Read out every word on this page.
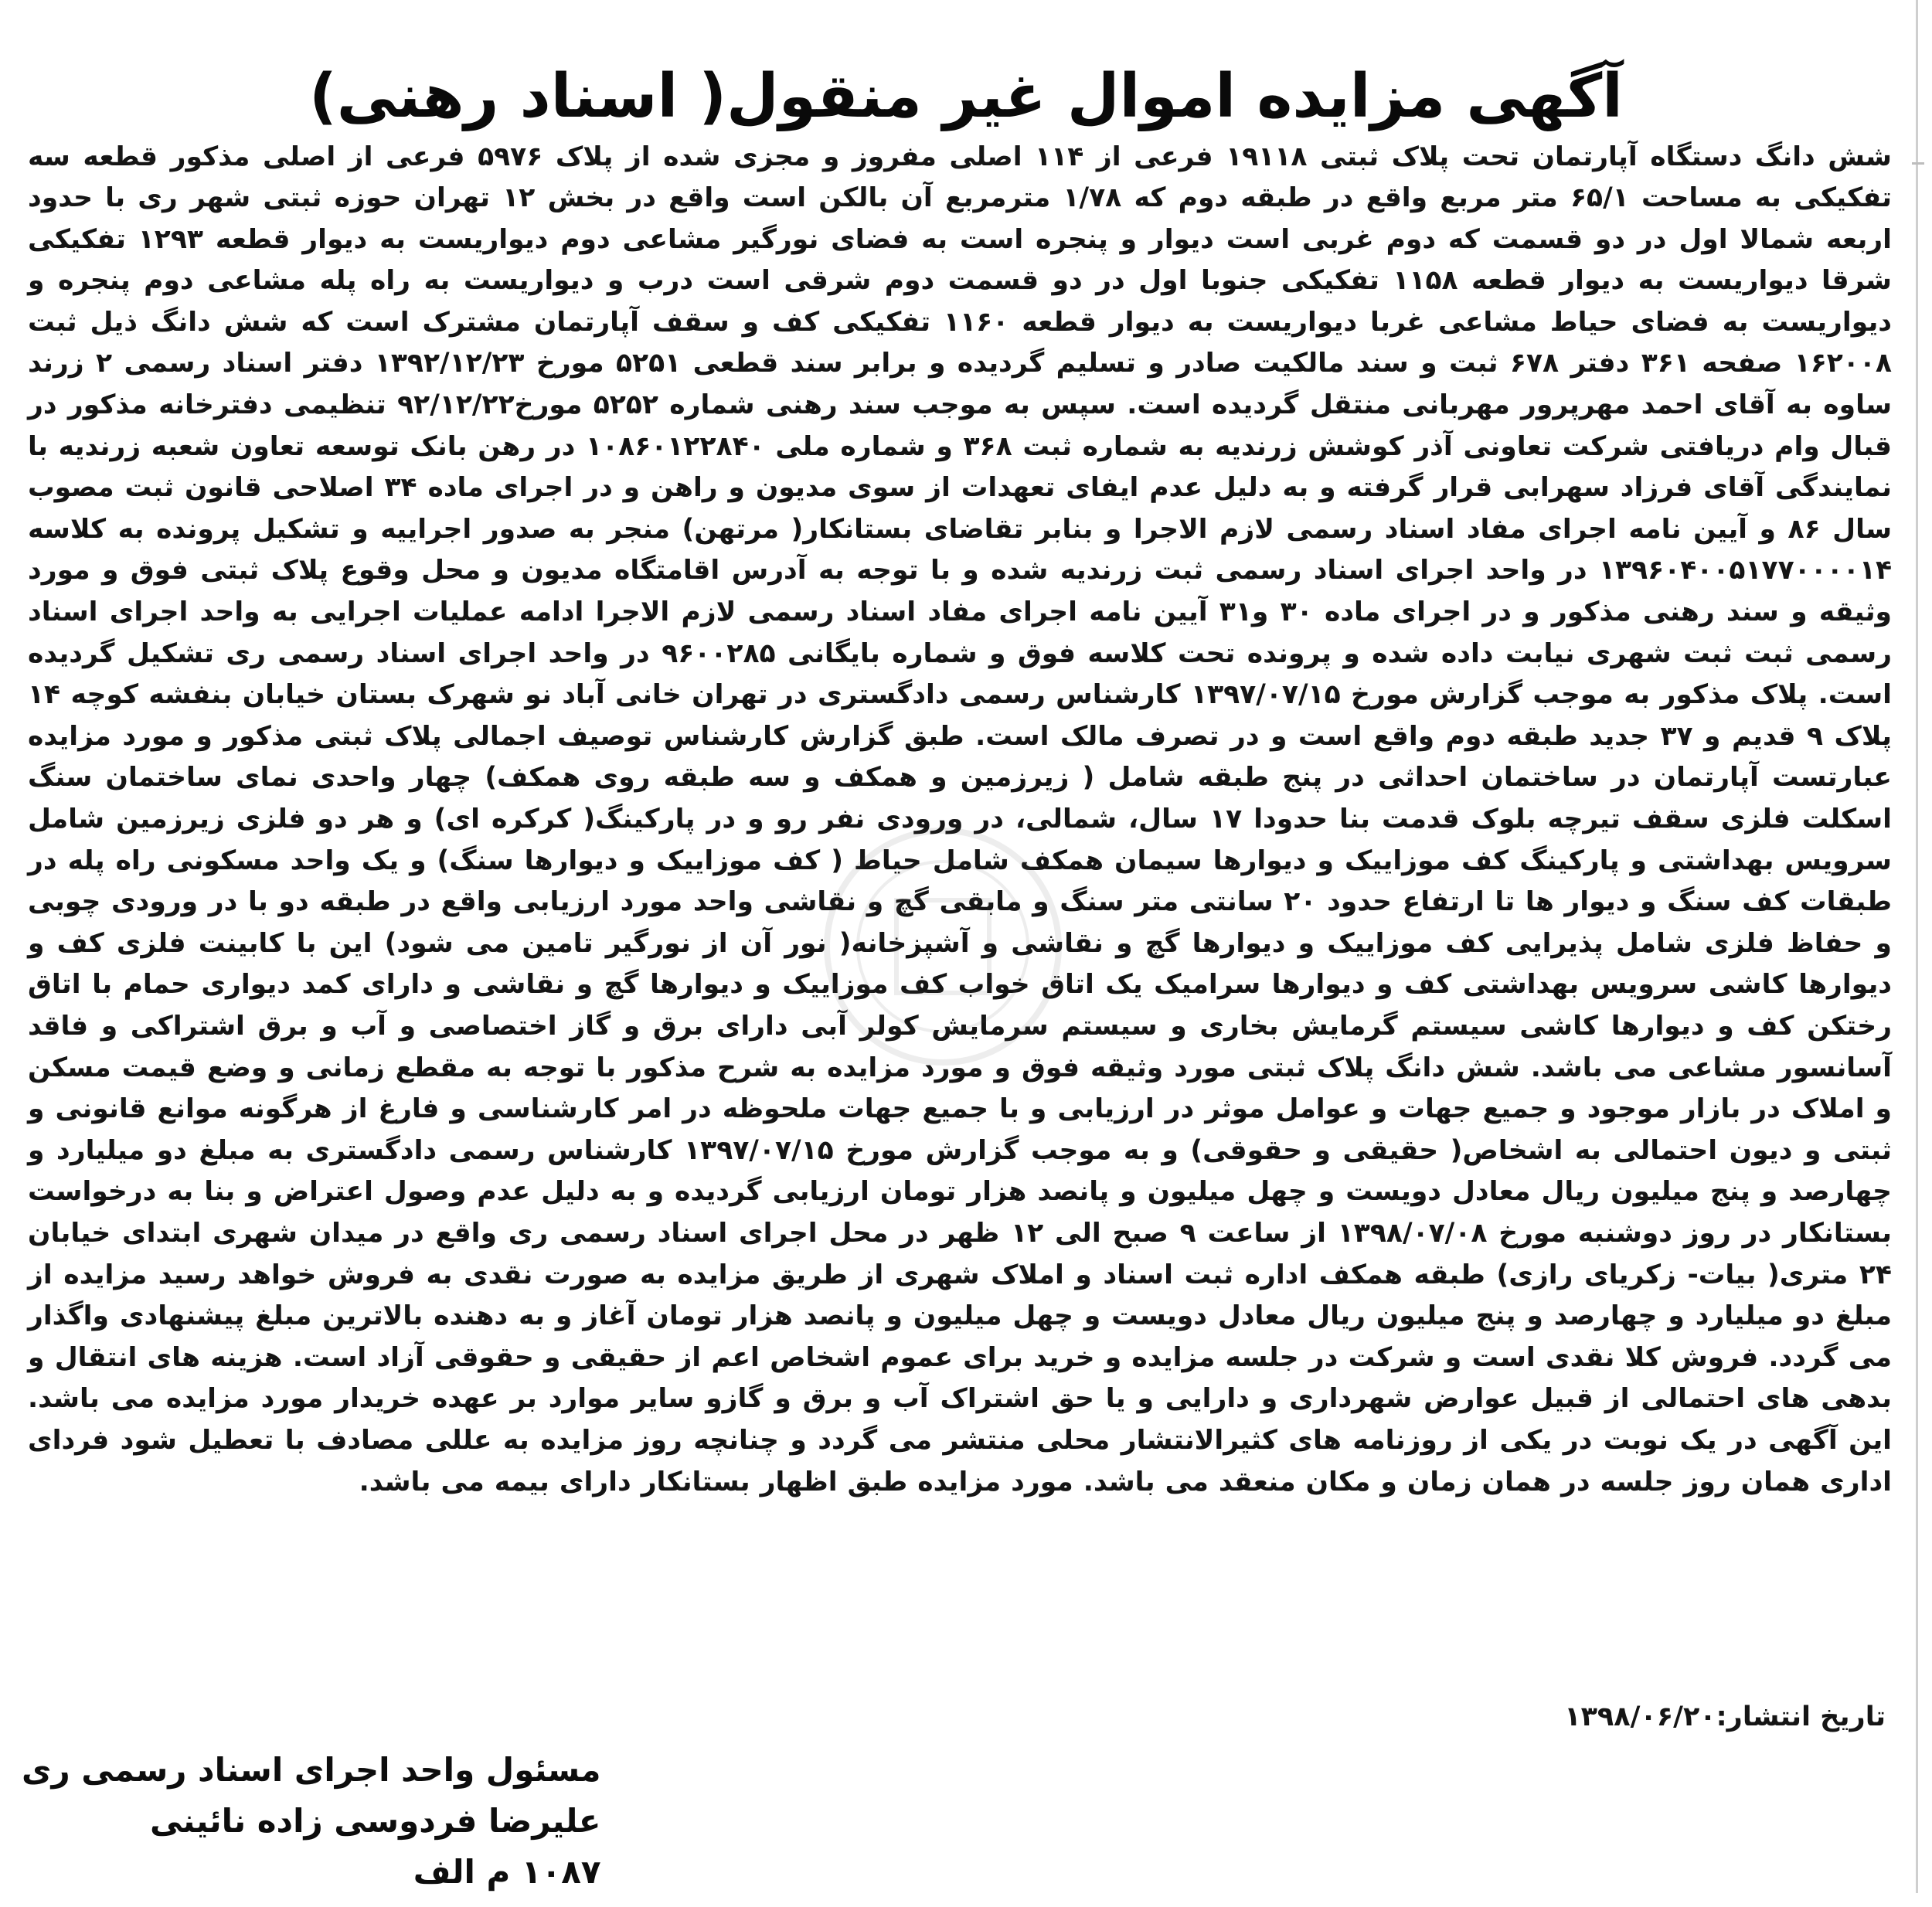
آگهی مزایده اموال غیر منقول( اسناد رهنی)

شش دانگ دستگاه آپارتمان تحت پلاک ثبتی ۱۹۱۱۸ فرعی از ۱۱۴ اصلی مفروز و مجزی شده از پلاک ۵۹۷۶ فرعی از اصلی مذکور قطعه سه تفکیکی به مساحت ۶۵/۱ متر مربع واقع در طبقه دوم که ۱/۷۸ مترمربع آن بالکن است واقع در بخش ۱۲ تهران حوزه ثبتی شهر ری با حدود اربعه شمالا اول در دو قسمت که دوم غربی است دیوار و پنجره است به فضای نورگیر مشاعی دوم دیواریست به دیوار قطعه ۱۲۹۳ تفکیکی شرقا دیواریست به دیوار قطعه ۱۱۵۸ تفکیکی جنوبا اول در دو قسمت دوم شرقی است درب و دیواریست به راه پله مشاعی دوم پنجره و دیواریست به فضای حیاط مشاعی غربا دیواریست به دیوار قطعه ۱۱۶۰ تفکیکی کف و سقف آپارتمان مشترک است که شش دانگ ذیل ثبت ۱۶۲۰۰۸ صفحه ۳۶۱ دفتر ۶۷۸ ثبت و سند مالکیت صادر و تسلیم گردیده و برابر سند قطعی ۵۲۵۱ مورخ ۱۳۹۲/۱۲/۲۳ دفتر اسناد رسمی ۲ زرند ساوه به آقای احمد مهرپرور مهربانی منتقل گردیده است. سپس به موجب سند رهنی شماره ۵۲۵۲ مورخ۹۲/۱۲/۲۲ تنظیمی دفترخانه مذکور در قبال وام دریافتی شرکت تعاونی آذر کوشش زرندیه به شماره ثبت ۳۶۸ و شماره ملی ۱۰۸۶۰۱۲۲۸۴۰ در رهن بانک توسعه تعاون شعبه زرندیه با نمایندگی آقای فرزاد سهرابی قرار گرفته و به دلیل عدم ایفای تعهدات از سوی مدیون و راهن و در اجرای ماده ۳۴ اصلاحی قانون ثبت مصوب سال ۸۶ و آیین نامه اجرای مفاد اسناد رسمی لازم الاجرا و بنابر تقاضای بستانکار( مرتهن) منجر به صدور اجراییه و تشکیل پرونده به کلاسه ۱۳۹۶۰۴۰۰۵۱۷۷۰۰۰۰۱۴ در واحد اجرای اسناد رسمی ثبت زرندیه شده و با توجه به آدرس اقامتگاه مدیون و محل وقوع پلاک ثبتی فوق و مورد وثیقه و سند رهنی مذکور و در اجرای ماده ۳۰ و۳۱ آیین نامه اجرای مفاد اسناد رسمی لازم الاجرا ادامه عملیات اجرایی به واحد اجرای اسناد رسمی ثبت ثبت شهری نیابت داده شده و پرونده تحت کلاسه فوق و شماره بایگانی ۹۶۰۰۲۸۵ در واحد اجرای اسناد رسمی ری تشکیل گردیده است. پلاک مذکور به موجب گزارش مورخ ۱۳۹۷/۰۷/۱۵ کارشناس رسمی دادگستری در تهران خانی آباد نو شهرک بستان خیابان بنفشه کوچه ۱۴ پلاک ۹ قدیم و ۳۷ جدید طبقه دوم واقع است و در تصرف مالک است. طبق گزارش کارشناس توصیف اجمالی پلاک ثبتی مذکور و مورد مزایده عبارتست آپارتمان در ساختمان احداثی در پنج طبقه شامل ( زیرزمین و همکف و سه طبقه روی همکف) چهار واحدی نمای ساختمان سنگ اسکلت فلزی سقف تیرچه بلوک قدمت بنا حدودا ۱۷ سال، شمالی، در ورودی نفر رو و در پارکینگ( کرکره ای) و هر دو فلزی زیرزمین شامل سرویس بهداشتی و پارکینگ کف موزاییک و دیوارها سیمان همکف شامل حیاط ( کف موزاییک و دیوارها سنگ) و یک واحد مسکونی راه پله در طبقات کف سنگ و دیوار ها تا ارتفاع حدود ۲۰ سانتی متر سنگ و مابقی گچ و نقاشی واحد مورد ارزیابی واقع در طبقه دو با در ورودی چوبی و حفاظ فلزی شامل پذیرایی کف موزاییک و دیوارها گچ و نقاشی و آشپزخانه( نور آن از نورگیر تامین می شود) این با کابینت فلزی کف و دیوارها کاشی سرویس بهداشتی کف و دیوارها سرامیک یک اتاق خواب کف موزاییک و دیوارها گچ و نقاشی و دارای کمد دیواری حمام با اتاق رختکن کف و دیوارها کاشی سیستم گرمایش بخاری و سیستم سرمایش کولر آبی دارای برق و گاز اختصاصی و آب و برق اشتراکی و فاقد آسانسور مشاعی می باشد. شش دانگ پلاک ثبتی مورد وثیقه فوق و مورد مزایده به شرح مذکور با توجه به مقطع زمانی و وضع قیمت مسکن و املاک در بازار موجود و جمیع جهات و عوامل موثر در ارزیابی و با جمیع جهات ملحوظه در امر کارشناسی و فارغ از هرگونه موانع قانونی و ثبتی و دیون احتمالی به اشخاص( حقیقی و حقوقی) و به موجب گزارش مورخ ۱۳۹۷/۰۷/۱۵ کارشناس رسمی دادگستری به مبلغ دو میلیارد و چهارصد و پنج میلیون ریال معادل دویست و چهل میلیون و پانصد هزار تومان ارزیابی گردیده و به دلیل عدم وصول اعتراض و بنا به درخواست بستانکار در روز دوشنبه مورخ ۱۳۹۸/۰۷/۰۸ از ساعت ۹ صبح الی ۱۲ ظهر در محل اجرای اسناد رسمی ری واقع در میدان شهری ابتدای خیابان ۲۴ متری( بیات- زکریای رازی) طبقه همکف اداره ثبت اسناد و املاک شهری از طریق مزایده به صورت نقدی به فروش خواهد رسید مزایده از مبلغ دو میلیارد و چهارصد و پنج میلیون ریال معادل دویست و چهل میلیون و پانصد هزار تومان آغاز و به دهنده بالاترین مبلغ پیشنهادی واگذار می گردد. فروش کلا نقدی است و شرکت در جلسه مزایده و خرید برای عموم اشخاص اعم از حقیقی و حقوقی آزاد است. هزینه های انتقال و بدهی های احتمالی از قبیل عوارض شهرداری و دارایی و یا حق اشتراک آب و برق و گازو سایر موارد بر عهده خریدار مورد مزایده می باشد. این آگهی در یک نوبت در یکی از روزنامه های کثیرالانتشار محلی منتشر می گردد و چنانچه روز مزایده به عللی مصادف با تعطیل شود فردای اداری همان روز جلسه در همان زمان و مکان منعقد می باشد. مورد مزایده طبق اظهار بستانکار دارای بیمه می باشد.

تاریخ انتشار:۱۳۹۸/۰۶/۲۰
مسئول واحد اجرای اسناد رسمی ری
علیرضا فردوسی زاده نائینی
۱۰۸۷ م الف
